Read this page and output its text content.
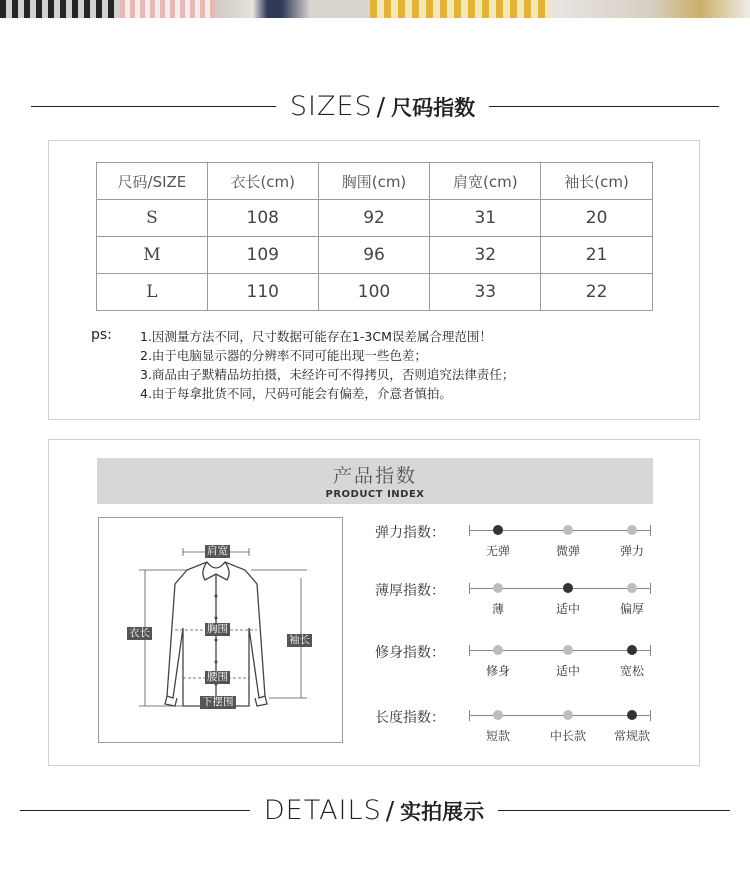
SIZES / 尺码指数
尺码/SIZE	衣长(cm)	胸围(cm)	肩宽(cm)	袖长(cm)
S	108	92	31	20
M	109	96	32	21
L	110	100	33	22
ps: 1.因测量方法不同，尺寸数据可能存在1-3CM误差属合理范围！
2.由于电脑显示器的分辨率不同可能出现一些色差；
3.商品由子默精品坊拍摄，未经许可不得拷贝，否则追究法律责任；
4.由于每拿批货不同，尺码可能会有偏差，介意者慎拍。
产品指数
PRODUCT INDEX
肩宽
衣长	胸围
袖长
腰围
下摆围
弹力指数：
无弹	微弹	弹力
薄厚指数：
薄	适中	偏厚
修身指数：
修身	适中	宽松
长度指数：
短款	中长款 常规款
DETAILS / 实拍展示
